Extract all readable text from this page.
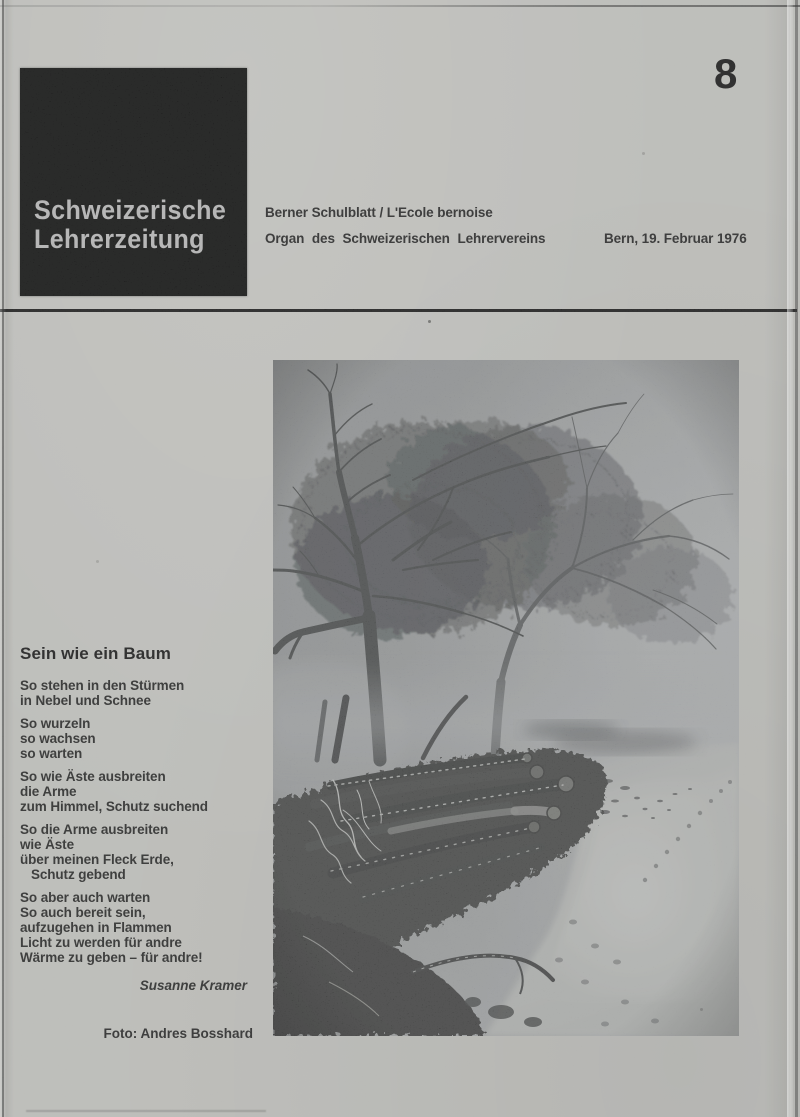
Schweizerische
Lehrerzeitung
8
Berner Schulblatt / L'Ecole bernoise
Organ des Schweizerischen Lehrervereins	Bern, 19. Februar 1976
Sein wie ein Baum
So stehen in den Stürmen
in Nebel und Schnee
So wurzeln
so wachsen
so warten
So wie Äste ausbreiten
die Arme
zum Himmel, Schutz suchend
So die Arme ausbreiten
wie Äste
über meinen Fleck Erde,
Schutz gebend
So aber auch warten
So auch bereit sein,
aufzugehen in Flammen
Licht zu werden für andre
Wärme zu geben – für andre!
Susanne Kramer
Foto: Andres Bosshard
